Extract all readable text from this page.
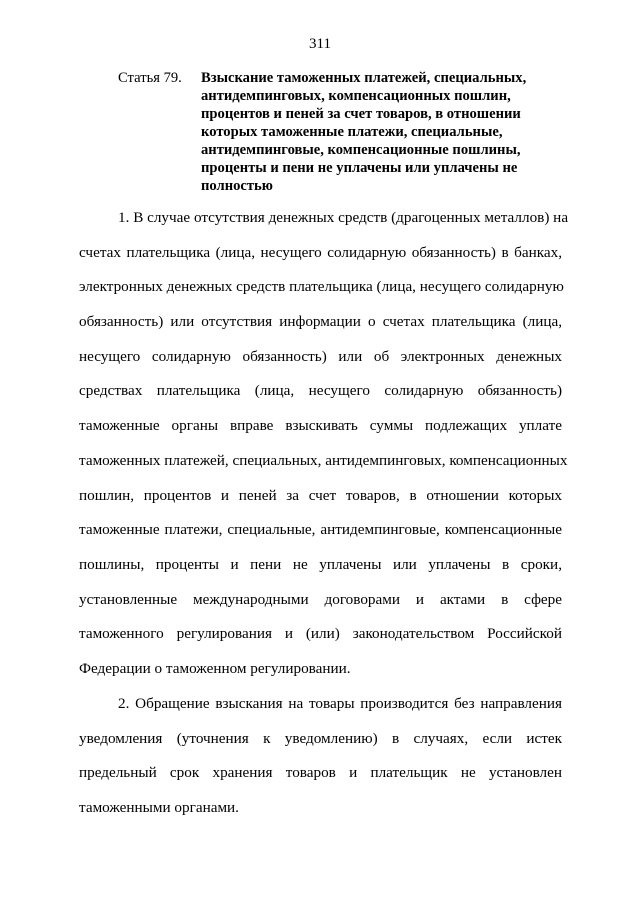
311
Статья 79. Взыскание таможенных платежей, специальных,
антидемпинговых, компенсационных пошлин,
процентов и пеней за счет товаров, в отношении
которых таможенные платежи, специальные,
антидемпинговые, компенсационные пошлины,
проценты и пени не уплачены или уплачены не
полностью
1. В случае отсутствия денежных средств (драгоценных металлов) на
счетах плательщика (лица, несущего солидарную обязанность) в банках,
электронных денежных средств плательщика (лица, несущего солидарную
обязанность) или отсутствия информации о счетах плательщика (лица,
несущего солидарную обязанность) или об электронных денежных
средствах плательщика (лица, несущего солидарную обязанность)
таможенные органы вправе взыскивать суммы подлежащих уплате
таможенных платежей, специальных, антидемпинговых, компенсационных
пошлин, процентов и пеней за счет товаров, в отношении которых
таможенные платежи, специальные, антидемпинговые, компенсационные
пошлины, проценты и пени не уплачены или уплачены в сроки,
установленные международными договорами и актами в сфере
таможенного регулирования и (или) законодательством Российской
Федерации о таможенном регулировании.
2. Обращение взыскания на товары производится без направления
уведомления (уточнения к уведомлению) в случаях, если истек
предельный срок хранения товаров и плательщик не установлен
таможенными органами.
